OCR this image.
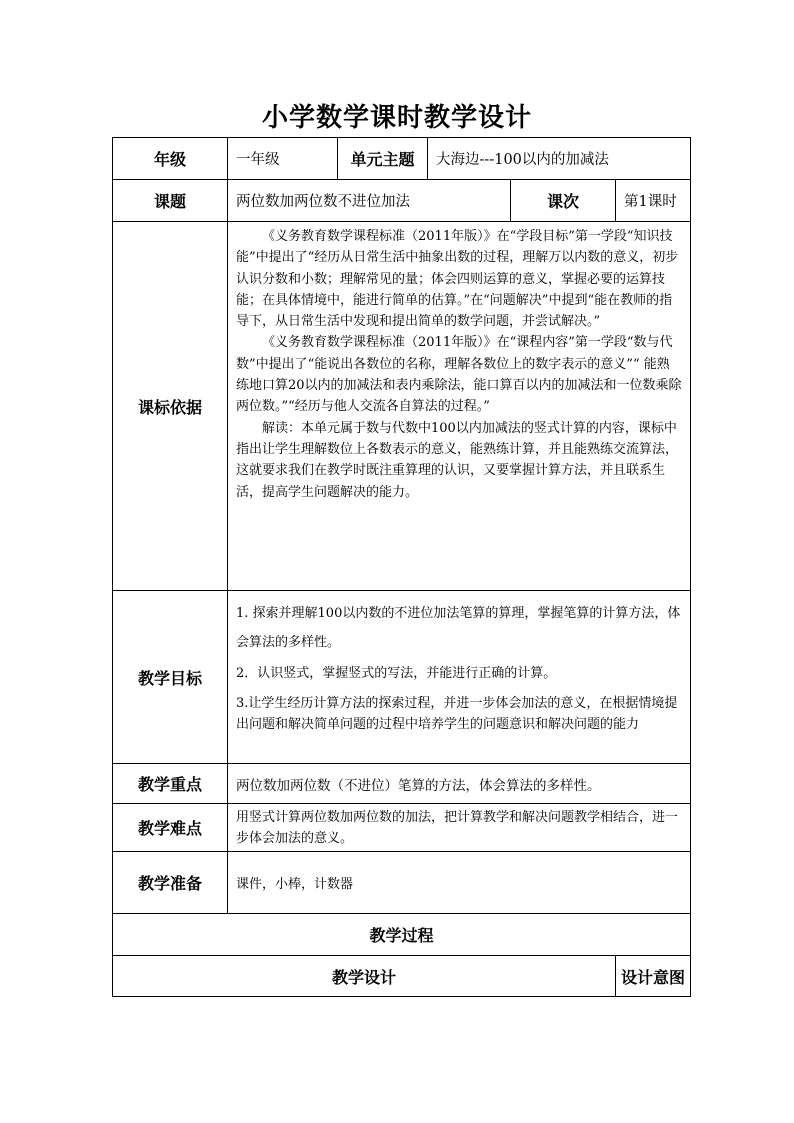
小学数学课时教学设计
年级	一年级	单元主题	大海边---100以内的加减法		
课题	两位数加两位数不进位加法			课次	第1课时
课标依据	《义务教育数学课程标准（2011年版）》在“学段目标”第一学段“知识技能”中提出了“经历从日常生活中抽象出数的过程，理解万以内数的意义，初步认识分数和小数；理解常见的量；体会四则运算的意义，掌握必要的运算技能；在具体情境中，能进行简单的估算。”在“问题解决”中提到“能在教师的指导下，从日常生活中发现和提出简单的数学问题，并尝试解决。”

《义务教育数学课程标准（2011年版）》在“课程内容”第一学段“数与代数”中提出了“能说出各数位的名称，理解各数位上的数字表示的意义”“ 能熟练地口算20以内的加减法和表内乘除法，能口算百以内的加减法和一位数乘除两位数。”“经历与他人交流各自算法的过程。”

解读：本单元属于数与代数中100以内加减法的竖式计算的内容，课标中指出让学生理解数位上各数表示的意义，能熟练计算，并且能熟练交流算法，这就要求我们在教学时既注重算理的认识，又要掌握计算方法，并且联系生活，提高学生问题解决的能力。				

教学目标	1. 探索并理解100以内数的不进位加法笔算的算理，掌握笔算的计算方法，体会算法的多样性。

2．认识竖式，掌握竖式的写法，并能进行正确的计算。

3.让学生经历计算方法的探索过程，并进一步体会加法的意义，在根据情境提出问题和解决简单问题的过程中培养学生的问题意识和解决问题的能力				

教学重点	两位数加两位数（不进位）笔算的方法，体会算法的多样性。				
教学难点	用竖式计算两位数加两位数的加法，把计算教学和解决问题教学相结合，进一步体会加法的意义。				
教学准备	课件，小棒，计数器				
教学过程					
教学设计					设计意图
